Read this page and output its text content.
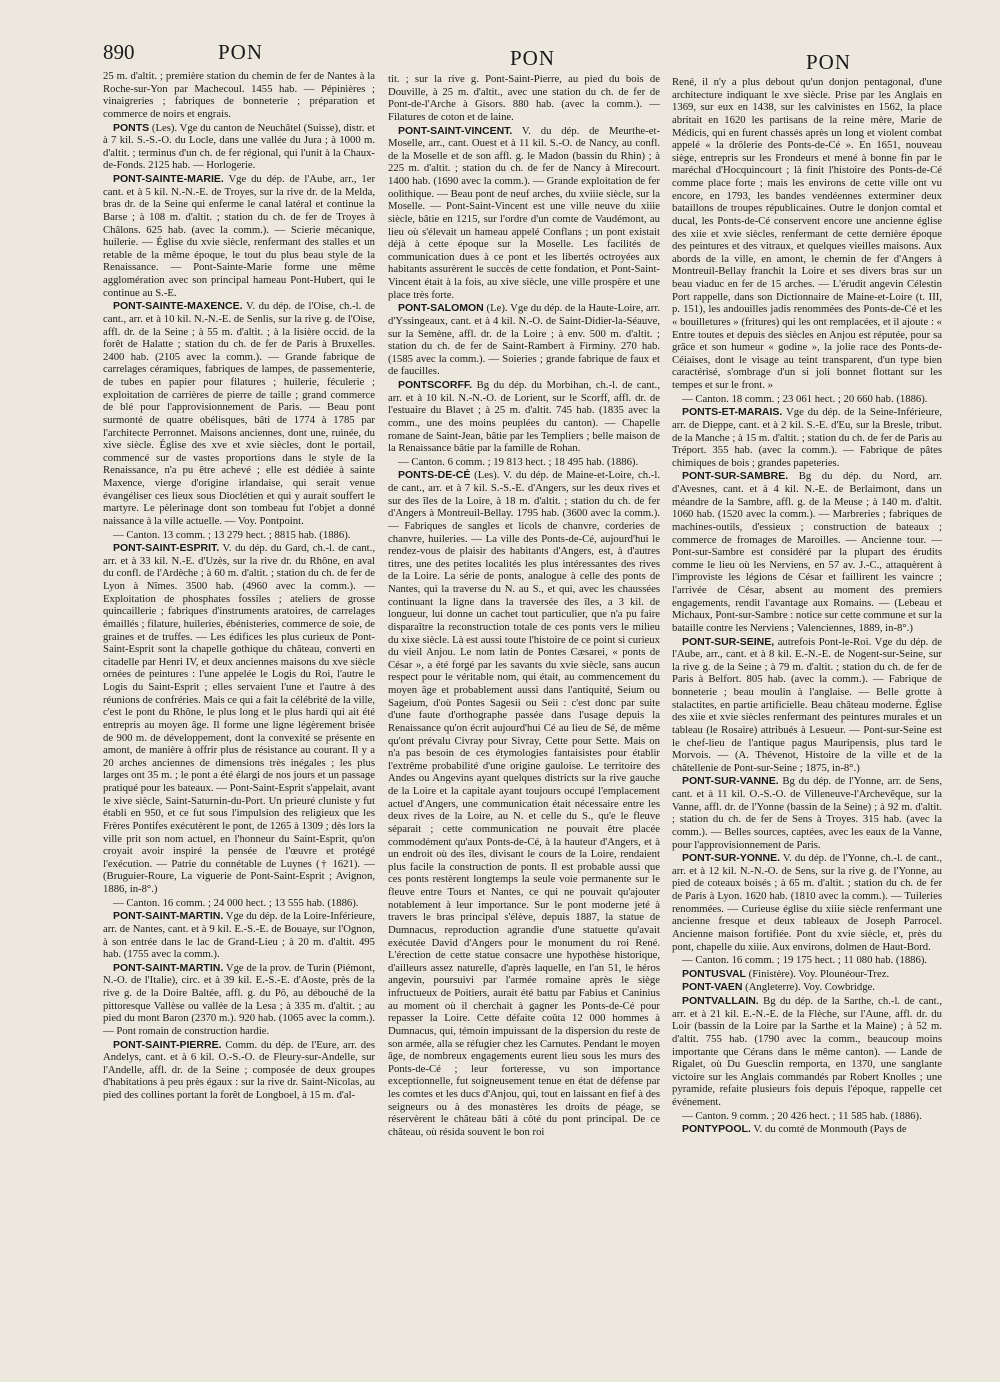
890	PON	PON	PON

25 m. d'altit. ; première station du chemin de fer de Nantes à la Roche-sur-Yon par Machecoul. 1455 hab. — Pépinières ; vinaigreries ; fabriques de bonneterie ; préparation et commerce de noirs et engrais.

PONTS (Les). Vge du canton de Neuchâtel (Suisse), distr. et à 7 kil. S.-S.-O. du Locle, dans une vallée du Jura ; à 1000 m. d'altit. ; terminus d'un ch. de fer régional, qui l'unit à la Chaux-de-Fonds. 2125 hab. — Horlogerie.

PONT-SAINTE-MARIE. Vge du dép. de l'Aube, arr., 1er cant. et à 5 kil. N.-N.-E. de Troyes, sur la rive dr. de la Melda, bras dr. de la Seine qui enferme le canal latéral et continue la Barse ; à 108 m. d'altit. ; station du ch. de fer de Troyes à Châlons. 625 hab. (avec la comm.). — Scierie mécanique, huilerie. — Église du xvie siècle, renfermant des stalles et un retable de la même époque, le tout du plus beau style de la Renaissance. — Pont-Sainte-Marie forme une même agglomération avec son principal hameau Pont-Hubert, qui le continue au S.-E.

PONT-SAINTE-MAXENCE. V. du dép. de l'Oise, ch.-l. de cant., arr. et à 10 kil. N.-N.-E. de Senlis, sur la rive g. de l'Oise, affl. dr. de la Seine ; à 55 m. d'altit. ; à la lisière occid. de la forêt de Halatte ; station du ch. de fer de Paris à Bruxelles. 2400 hab. (2105 avec la comm.). — Grande fabrique de carrelages céramiques, fabriques de lampes, de passementerie, de tubes en papier pour filatures ; huilerie, féculerie ; exploitation de carrières de pierre de taille ; grand commerce de blé pour l'approvisionnement de Paris. — Beau pont surmonté de quatre obélisques, bâti de 1774 à 1785 par l'architecte Perronnet. Maisons anciennes, dont une, ruinée, du xive siècle. Église des xve et xvie siècles, dont le portail, commencé sur de vastes proportions dans le style de la Renaissance, n'a pu être achevé ; elle est dédiée à sainte Maxence, vierge d'origine irlandaise, qui serait venue évangéliser ces lieux sous Dioclétien et qui y aurait souffert le martyre. Le pèlerinage dont son tombeau fut l'objet a donné naissance à la ville actuelle. — Voy. Pontpoint.

— Canton. 13 comm. ; 13 279 hect. ; 8815 hab. (1886).

PONT-SAINT-ESPRIT. V. du dép. du Gard, ch.-l. de cant., arr. et à 33 kil. N.-E. d'Uzès, sur la rive dr. du Rhône, en aval du confl. de l'Ardèche ; à 60 m. d'altit. ; station du ch. de fer de Lyon à Nîmes. 3500 hab. (4960 avec la comm.). — Exploitation de phosphates fossiles ; ateliers de grosse quincaillerie ; fabriques d'instruments aratoires, de carrelages émaillés ; filature, huileries, ébénisteries, commerce de soie, de graines et de truffes. — Les édifices les plus curieux de Pont-Saint-Esprit sont la chapelle gothique du château, converti en citadelle par Henri IV, et deux anciennes maisons du xve siècle ornées de peintures : l'une appelée le Logis du Roi, l'autre le Logis du Saint-Esprit ; elles servaient l'une et l'autre à des réunions de confréries. Mais ce qui a fait la célébrité de la ville, c'est le pont du Rhône, le plus long et le plus hardi qui ait été entrepris au moyen âge. Il forme une ligne légèrement brisée de 900 m. de développement, dont la convexité se présente en amont, de manière à offrir plus de résistance au courant. Il y a 20 arches anciennes de dimensions très inégales ; les plus larges ont 35 m. ; le pont a été élargi de nos jours et un passage pratiqué pour les bateaux. — Pont-Saint-Esprit s'appelait, avant le xive siècle, Saint-Saturnin-du-Port. Un prieuré cluniste y fut établi en 950, et ce fut sous l'impulsion des religieux que les Frères Pontifes exécutèrent le pont, de 1265 à 1309 ; dès lors la ville prit son nom actuel, en l'honneur du Saint-Esprit, qu'on croyait avoir inspiré la pensée de l'œuvre et protégé l'exécution. — Patrie du connétable de Luynes († 1621). — (Bruguier-Roure, La viguerie de Pont-Saint-Esprit ; Avignon, 1886, in-8°.)

— Canton. 16 comm. ; 24 000 hect. ; 13 555 hab. (1886).

PONT-SAINT-MARTIN. Vge du dép. de la Loire-Inférieure, arr. de Nantes, cant. et à 9 kil. E.-S.-E. de Bouaye, sur l'Ognon, à son entrée dans le lac de Grand-Lieu ; à 20 m. d'altit. 495 hab. (1755 avec la comm.).

PONT-SAINT-MARTIN. Vge de la prov. de Turin (Piémont, N.-O. de l'Italie), circ. et à 39 kil. E.-S.-E. d'Aoste, près de la rive g. de la Doire Baltée, affl. g. du Pô, au débouché de la pittoresque Vallèse ou vallée de la Lesa ; à 335 m. d'altit. ; au pied du mont Baron (2370 m.). 920 hab. (1065 avec la comm.). — Pont romain de construction hardie.

PONT-SAINT-PIERRE. Comm. du dép. de l'Eure, arr. des Andelys, cant. et à 6 kil. O.-S.-O. de Fleury-sur-Andelle, sur l'Andelle, affl. dr. de la Seine ; composée de deux groupes d'habitations à peu près égaux : sur la rive dr. Saint-Nicolas, au pied des collines portant la forêt de Longboel, à 15 m. d'al-

tit. ; sur la rive g. Pont-Saint-Pierre, au pied du bois de Douville, à 25 m. d'altit., avec une station du ch. de fer de Pont-de-l'Arche à Gisors. 880 hab. (avec la comm.). — Filatures de coton et de laine.

PONT-SAINT-VINCENT. V. du dép. de Meurthe-et-Moselle, arr., cant. Ouest et à 11 kil. S.-O. de Nancy, au confl. de la Moselle et de son affl. g. le Madon (bassin du Rhin) ; à 225 m. d'altit. ; station du ch. de fer de Nancy à Mirecourt. 1400 hab. (1690 avec la comm.). — Grande exploitation de fer oolithique. — Beau pont de neuf arches, du xviiie siècle, sur la Moselle. — Pont-Saint-Vincent est une ville neuve du xiiie siècle, bâtie en 1215, sur l'ordre d'un comte de Vaudémont, au lieu où s'élevait un hameau appelé Conflans ; un pont existait déjà à cette époque sur la Moselle. Les facilités de communication dues à ce pont et les libertés octroyées aux habitants assurèrent le succès de cette fondation, et Pont-Saint-Vincent était à la fois, au xive siècle, une ville prospère et une place très forte.

PONT-SALOMON (Le). Vge du dép. de la Haute-Loire, arr. d'Yssingeaux, cant. et à 4 kil. N.-O. de Saint-Didier-la-Séauve, sur la Semène, affl. dr. de la Loire ; à env. 500 m. d'altit. ; station du ch. de fer de Saint-Rambert à Firminy. 270 hab. (1585 avec la comm.). — Soieries ; grande fabrique de faux et de faucilles.

PONTSCORFF. Bg du dép. du Morbihan, ch.-l. de cant., arr. et à 10 kil. N.-N.-O. de Lorient, sur le Scorff, affl. dr. de l'estuaire du Blavet ; à 25 m. d'altit. 745 hab. (1835 avec la comm., une des moins peuplées du canton). — Chapelle romane de Saint-Jean, bâtie par les Templiers ; belle maison de la Renaissance bâtie par la famille de Rohan.

— Canton. 6 comm. ; 19 813 hect. ; 18 495 hab. (1886).

PONTS-DE-CÉ (Les). V. du dép. de Maine-et-Loire, ch.-l. de cant., arr. et à 7 kil. S.-S.-E. d'Angers, sur les deux rives et sur des îles de la Loire, à 18 m. d'altit. ; station du ch. de fer d'Angers à Montreuil-Bellay. 1795 hab. (3600 avec la comm.). — Fabriques de sangles et licols de chanvre, corderies de chanvre, huileries. — La ville des Ponts-de-Cé, aujourd'hui le rendez-vous de plaisir des habitants d'Angers, est, à d'autres titres, une des petites localités les plus intéressantes des rives de la Loire. La série de ponts, analogue à celle des ponts de Nantes, qui la traverse du N. au S., et qui, avec les chaussées continuant la ligne dans la traversée des îles, a 3 kil. de longueur, lui donne un cachet tout particulier, que n'a pu faire disparaître la reconstruction totale de ces ponts vers le milieu du xixe siècle. Là est aussi toute l'histoire de ce point si curieux du vieil Anjou. Le nom latin de Pontes Cæsarei, « ponts de César », a été forgé par les savants du xvie siècle, sans aucun respect pour le véritable nom, qui était, au commencement du moyen âge et probablement aussi dans l'antiquité, Seium ou Sageium, d'où Pontes Sagesii ou Seii : c'est donc par suite d'une faute d'orthographe passée dans l'usage depuis la Renaissance qu'on écrit aujourd'hui Cé au lieu de Sé, de même qu'ont prévalu Civray pour Sivray, Cette pour Sette. Mais on n'a pas besoin de ces étymologies fantaisistes pour établir l'extrême probabilité d'une origine gauloise. Le territoire des Andes ou Angevins ayant quelques districts sur la rive gauche de la Loire et la capitale ayant toujours occupé l'emplacement actuel d'Angers, une communication était nécessaire entre les deux rives de la Loire, au N. et celle du S., qu'e le fleuve séparait ; cette communication ne pouvait être placée commodément qu'aux Ponts-de-Cé, à la hauteur d'Angers, et à un endroit où des îles, divisant le cours de la Loire, rendaient plus facile la construction de ponts. Il est probable aussi que ces ponts restèrent longtemps la seule voie permanente sur le fleuve entre Tours et Nantes, ce qui ne pouvait qu'ajouter notablement à leur importance. Sur le pont moderne jeté à travers le bras principal s'élève, depuis 1887, la statue de Dumnacus, reproduction agrandie d'une statuette qu'avait exécutée David d'Angers pour le monument du roi René. L'érection de cette statue consacre une hypothèse historique, d'ailleurs assez naturelle, d'après laquelle, en l'an 51, le héros angevin, poursuivi par l'armée romaine après le siège infructueux de Poitiers, aurait été battu par Fabius et Caninius au moment où il cherchait à gagner les Ponts-de-Cé pour repasser la Loire. Cette défaite coûta 12 000 hommes à Dumnacus, qui, témoin impuissant de la dispersion du reste de son armée, alla se réfugier chez les Carnutes. Pendant le moyen âge, de nombreux engagements eurent lieu sous les murs des Ponts-de-Cé ; leur forteresse, vu son importance exceptionnelle, fut soigneusement tenue en état de défense par les comtes et les ducs d'Anjou, qui, tout en laissant en fief à des seigneurs ou à des monastères les droits de péage, se réservèrent le château bâti à côté du pont principal. De ce château, où résida souvent le bon roi

René, il n'y a plus debout qu'un donjon pentagonal, d'une architecture indiquant le xve siècle. Prise par les Anglais en 1369, sur eux en 1438, sur les calvinistes en 1562, la place abritait en 1620 les partisans de la reine mère, Marie de Médicis, qui en furent chassés après un long et violent combat appelé « la drôlerie des Ponts-de-Cé ». En 1651, nouveau siège, entrepris sur les Frondeurs et mené à bonne fin par le maréchal d'Hocquincourt ; là finit l'histoire des Ponts-de-Cé comme place forte ; mais les environs de cette ville ont vu encore, en 1793, les bandes vendéennes exterminer deux bataillons de troupes républicaines. Outre le donjon comtal et ducal, les Ponts-de-Cé conservent encore une ancienne église des xiie et xvie siècles, renfermant de cette dernière époque des peintures et des vitraux, et quelques vieilles maisons. Aux abords de la ville, en amont, le chemin de fer d'Angers à Montreuil-Bellay franchit la Loire et ses divers bras sur un beau viaduc en fer de 15 arches. — L'érudit angevin Célestin Port rappelle, dans son Dictionnaire de Maine-et-Loire (t. III, p. 151), les andouilles jadis renommées des Ponts-de-Cé et les « bouilletures » (fritures) qui les ont remplacées, et il ajoute : « Entre toutes et depuis des siècles en Anjou est réputée, pour sa grâce et son humeur « godine », la jolie race des Ponts-de-Céiaises, dont le visage au teint transparent, d'un type bien caractérisé, s'ombrage d'un si joli bonnet flottant sur les tempes et sur le front. »

— Canton. 18 comm. ; 23 061 hect. ; 20 660 hab. (1886).

PONTS-ET-MARAIS. Vge du dép. de la Seine-Inférieure, arr. de Dieppe, cant. et à 2 kil. S.-E. d'Eu, sur la Bresle, tribut. de la Manche ; à 15 m. d'altit. ; station du ch. de fer de Paris au Tréport. 355 hab. (avec la comm.). — Fabrique de pâtes chimiques de bois ; grandes papeteries.

PONT-SUR-SAMBRE. Bg du dép. du Nord, arr. d'Avesnes, cant. et à 4 kil. N.-E. de Berlaimont, dans un méandre de la Sambre, affl. g. de la Meuse ; à 140 m. d'altit. 1060 hab. (1520 avec la comm.). — Marbreries ; fabriques de machines-outils, d'essieux ; construction de bateaux ; commerce de fromages de Maroilles. — Ancienne tour. — Pont-sur-Sambre est considéré par la plupart des érudits comme le lieu où les Nerviens, en 57 av. J.-C., attaquèrent à l'improviste les légions de César et faillirent les vaincre ; l'arrivée de César, absent au moment des premiers engagements, rendit l'avantage aux Romains. — (Lebeau et Michaux, Pont-sur-Sambre : notice sur cette commune et sur la bataille contre les Nerviens ; Valenciennes, 1889, in-8°.)

PONT-SUR-SEINE, autrefois Pont-le-Roi. Vge du dép. de l'Aube, arr., cant. et à 8 kil. E.-N.-E. de Nogent-sur-Seine, sur la rive g. de la Seine ; à 79 m. d'altit. ; station du ch. de fer de Paris à Belfort. 805 hab. (avec la comm.). — Fabrique de bonneterie ; beau moulin à l'anglaise. — Belle grotte à stalactites, en partie artificielle. Beau château moderne. Église des xiie et xvie siècles renfermant des peintures murales et un tableau (le Rosaire) attribués à Lesueur. — Pont-sur-Seine est le chef-lieu de l'antique pagus Mauripensis, plus tard le Morvois. — (A. Thévenot, Histoire de la ville et de la châtellenie de Pont-sur-Seine ; 1875, in-8°.)

PONT-SUR-VANNE. Bg du dép. de l'Yonne, arr. de Sens, cant. et à 11 kil. O.-S.-O. de Villeneuve-l'Archevêque, sur la Vanne, affl. dr. de l'Yonne (bassin de la Seine) ; à 92 m. d'altit. ; station du ch. de fer de Sens à Troyes. 315 hab. (avec la comm.). — Belles sources, captées, avec les eaux de la Vanne, pour l'approvisionnement de Paris.

PONT-SUR-YONNE. V. du dép. de l'Yonne, ch.-l. de cant., arr. et à 12 kil. N.-N.-O. de Sens, sur la rive g. de l'Yonne, au pied de coteaux boisés ; à 65 m. d'altit. ; station du ch. de fer de Paris à Lyon. 1620 hab. (1810 avec la comm.). — Tuileries renommées. — Curieuse église du xiiie siècle renfermant une ancienne fresque et deux tableaux de Joseph Parrocel. Ancienne maison fortifiée. Pont du xvie siècle, et, près du pont, chapelle du xiiie. Aux environs, dolmen de Haut-Bord.

— Canton. 16 comm. ; 19 175 hect. ; 11 080 hab. (1886).

PONTUSVAL (Finistère). Voy. Plounéour-Trez.

PONT-VAEN (Angleterre). Voy. Cowbridge.

PONTVALLAIN. Bg du dép. de la Sarthe, ch.-l. de cant., arr. et à 21 kil. E.-N.-E. de la Flèche, sur l'Aune, affl. dr. du Loir (bassin de la Loire par la Sarthe et la Maine) ; à 52 m. d'altit. 755 hab. (1790 avec la comm., beaucoup moins importante que Cérans dans le même canton). — Lande de Rigalet, où Du Guesclin remporta, en 1370, une sanglante victoire sur les Anglais commandés par Robert Knolles ; une pyramide, refaite plusieurs fois depuis l'époque, rappelle cet événement.

— Canton. 9 comm. ; 20 426 hect. ; 11 585 hab. (1886).

PONTYPOOL. V. du comté de Monmouth (Pays de
